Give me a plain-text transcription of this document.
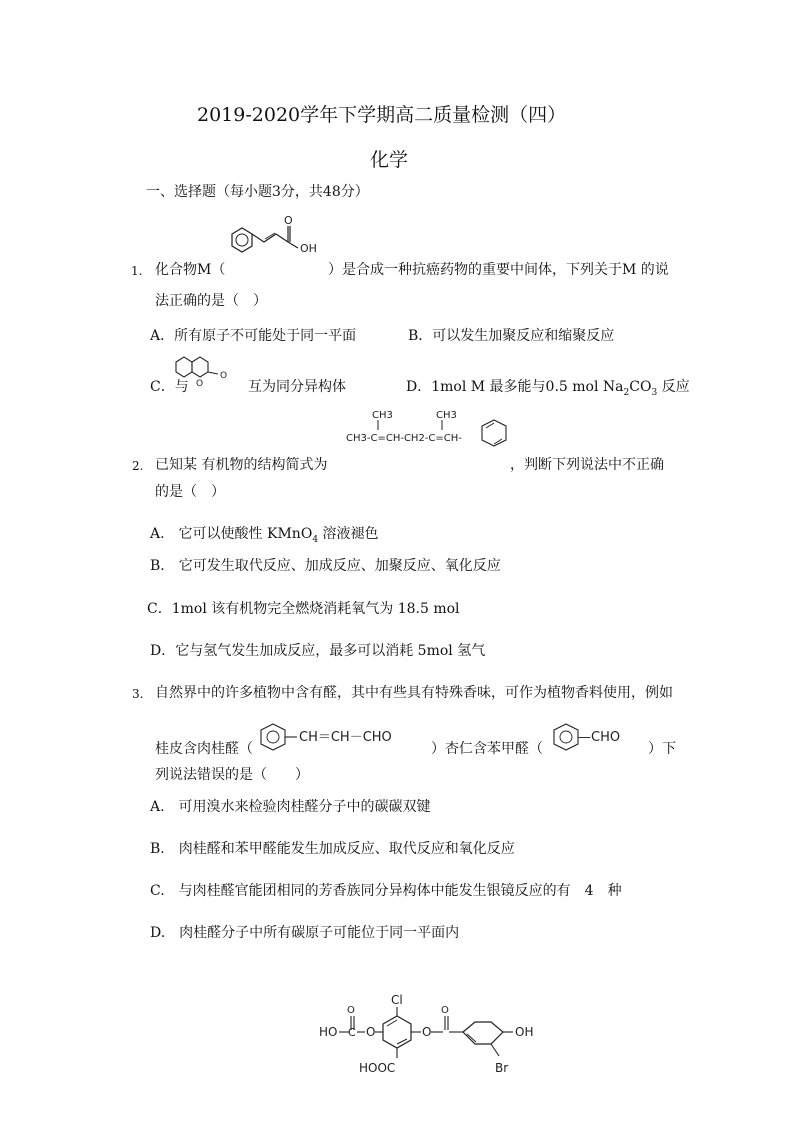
2019-2020学年下学期高二质量检测（四）
化学
一、选择题（每小题3分，共48分）
1. 化合物M（
O
OH
）是合成一种抗癌药物的重要中间体，下列关于M 的说
法正确的是（　）
A．所有原子不可能处于同一平面	B．可以发生加聚反应和缩聚反应
C．与 O
O
互为同分异构体	D．1mol M 最多能与0.5 mol $Na_2CO_3$ 反应
CH3	CH3
CH3-C=CH-CH2-C=CH-
2. 已知某 有机物的结构简式为	，判断下列说法中不正确
的是（　）
A.　它可以使酸性 KMnO$_4$ 溶液褪色
B.　它可发生取代反应、加成反应、加聚反应、氧化反应
C．1mol 该有机物完全燃烧消耗氧气为 18.5 mol
D．它与氢气发生加成反应，最多可以消耗 5mol 氢气
3. 自然界中的许多植物中含有醛，其中有些具有特殊香味，可作为植物香料使用，例如
桂皮含肉桂醛（
CH＝CH－CHO
）杏仁含苯甲醛（
—CHO
）下
列说法错误的是（　　）
A.　可用溴水来检验肉桂醛分子中的碳碳双键
B.　肉桂醛和苯甲醛能发生加成反应、取代反应和氧化反应
C.　与肉桂醛官能团相同的芳香族同分异构体中能发生银镜反应的有　4　种
D.　肉桂醛分子中所有碳原子可能位于同一平面内
Cl
HO
O
C O
HOOC
O
O
OH
Br
